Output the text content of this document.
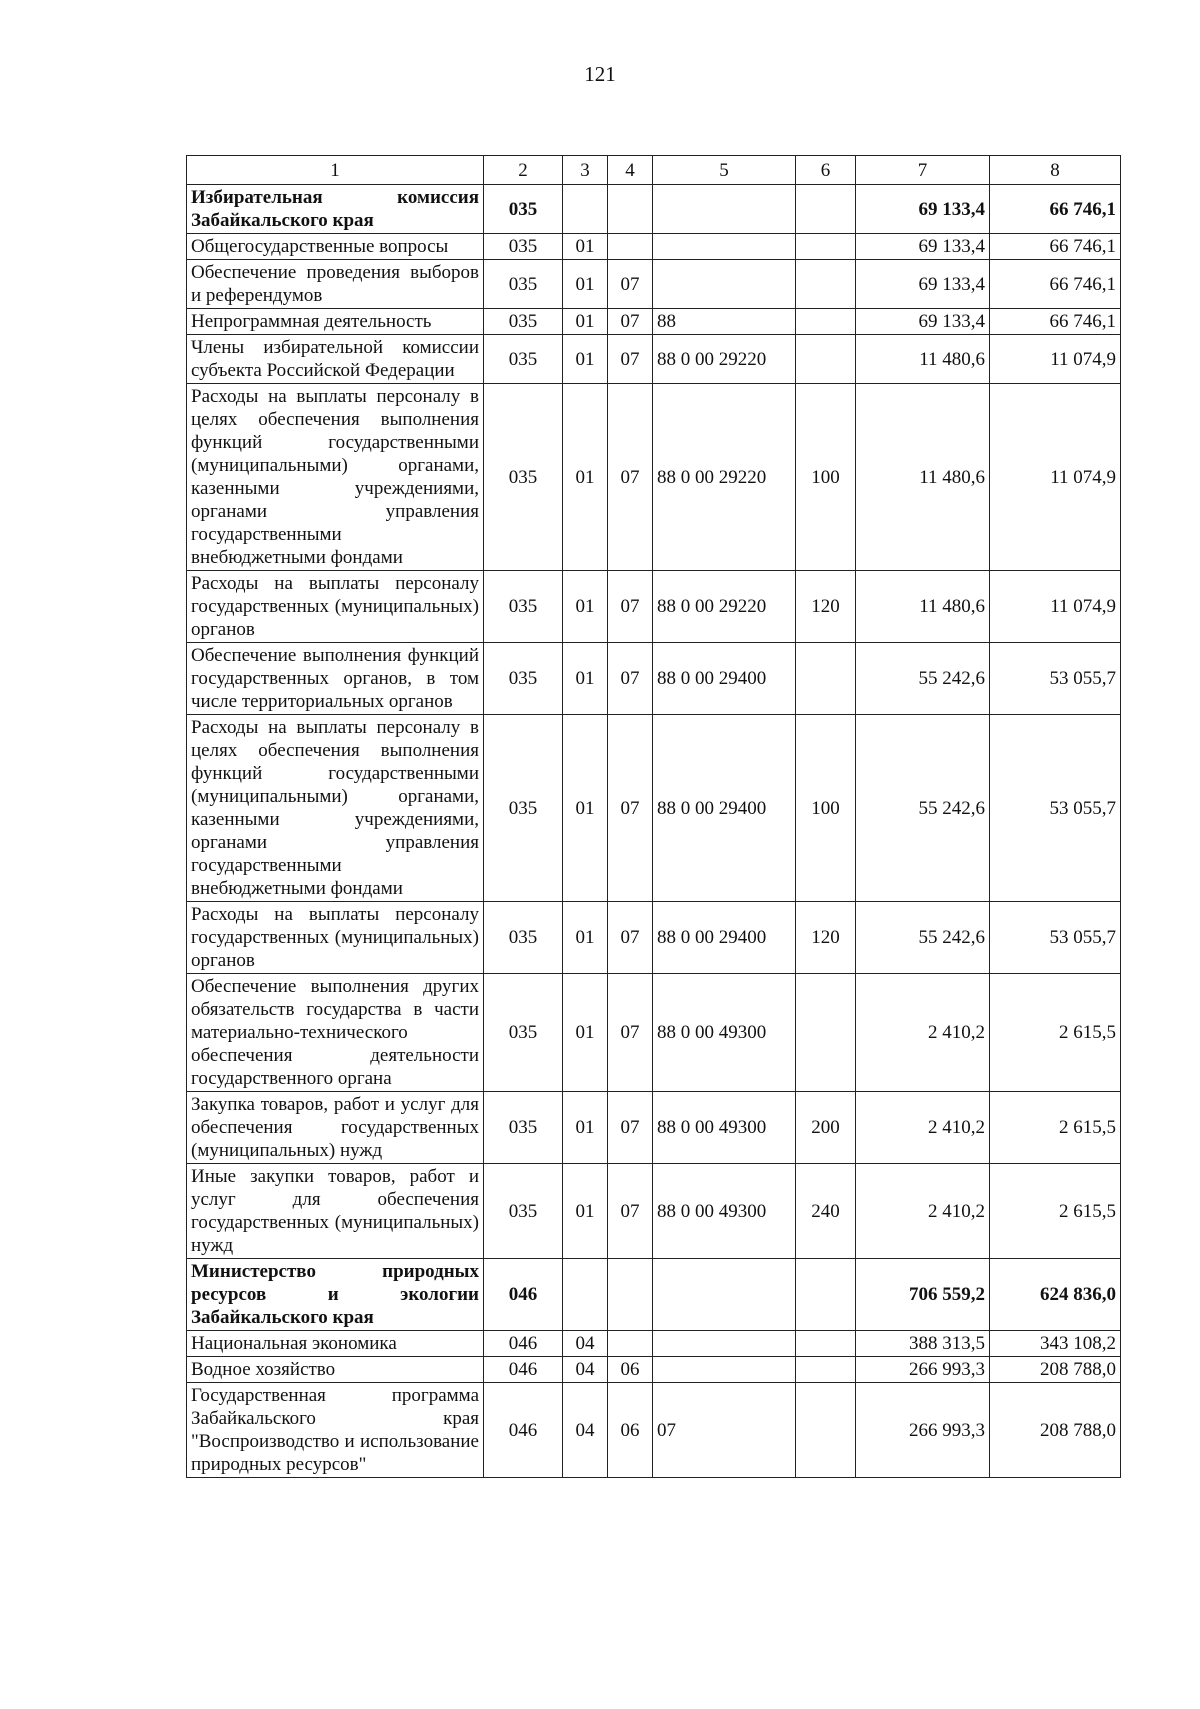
121
1	2	3	4	5	6	7	8
Избирательная комиссия Забайкальского края	035					69 133,4	66 746,1
Общегосударственные вопросы	035	01				69 133,4	66 746,1
Обеспечение проведения выборов и референдумов	035	01	07			69 133,4	66 746,1
Непрограммная деятельность	035	01	07	88		69 133,4	66 746,1
Члены избирательной комиссии субъекта Российской Федерации	035	01	07	88 0 00 29220		11 480,6	11 074,9
Расходы на выплаты персоналу в целях обеспечения выполнения функций государственными (муниципальными) органами, казенными учреждениями, органами управления государственными внебюджетными фондами	035	01	07	88 0 00 29220	100	11 480,6	11 074,9
Расходы на выплаты персоналу государственных (муниципальных) органов	035	01	07	88 0 00 29220	120	11 480,6	11 074,9
Обеспечение выполнения функций государственных органов, в том числе территориальных органов	035	01	07	88 0 00 29400		55 242,6	53 055,7
Расходы на выплаты персоналу в целях обеспечения выполнения функций государственными (муниципальными) органами, казенными учреждениями, органами управления государственными внебюджетными фондами	035	01	07	88 0 00 29400	100	55 242,6	53 055,7
Расходы на выплаты персоналу государственных (муниципальных) органов	035	01	07	88 0 00 29400	120	55 242,6	53 055,7
Обеспечение выполнения других обязательств государства в части материально-технического обеспечения деятельности государственного органа	035	01	07	88 0 00 49300		2 410,2	2 615,5
Закупка товаров, работ и услуг для обеспечения государственных (муниципальных) нужд	035	01	07	88 0 00 49300	200	2 410,2	2 615,5
Иные закупки товаров, работ и услуг для обеспечения государственных (муниципальных) нужд	035	01	07	88 0 00 49300	240	2 410,2	2 615,5
Министерство природных ресурсов и экологии Забайкальского края	046					706 559,2	624 836,0
Национальная экономика	046	04				388 313,5	343 108,2
Водное хозяйство	046	04	06			266 993,3	208 788,0
Государственная программа Забайкальского края "Воспроизводство и использование природных ресурсов"	046	04	06	07		266 993,3	208 788,0
